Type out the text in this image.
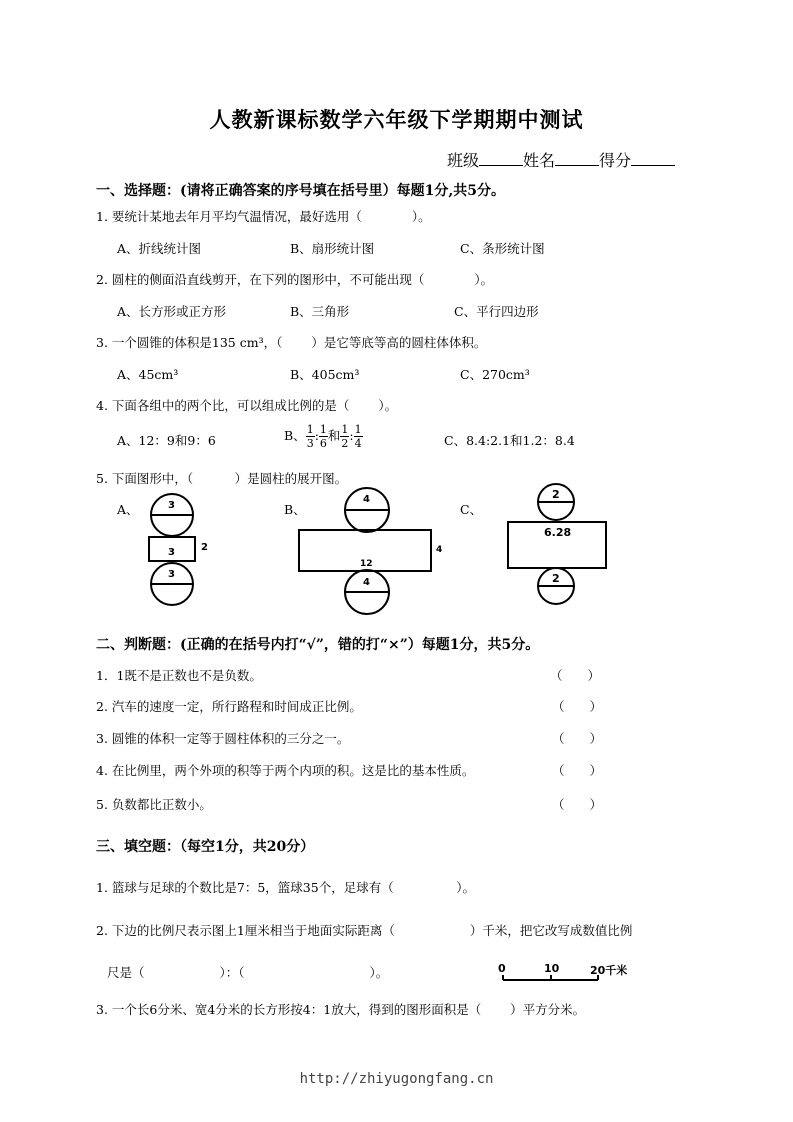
人教新课标数学六年级下学期期中测试
班级	姓名	得分
一、选择题：(请将正确答案的序号填在括号里）每题1分,共5分。
1. 要统计某地去年月平均气温情况，最好选用（　　　　）。
A、折线统计图	B、扇形统计图	C、条形统计图
2. 圆柱的侧面沿直线剪开，在下列的图形中，不可能出现（　　　　）。
A、长方形或正方形	B、三角形	C、平行四边形
3. 一个圆锥的体积是135 cm³，（　　 ）是它等底等高的圆柱体体积。
A、45cm³	B、405cm³	C、270cm³
4. 下面各组中的两个比，可以组成比例的是（　　 ）。
A、12：9和9：6	B、 $\frac{1}{3}$ : $\frac{1}{6}$ 和 $\frac{1}{2}$ : $\frac{1}{4}$	C、8.4:2.1和1.2：8.4
5. 下面图形中，（　　　 ）是圆柱的展开图。
A、	B、	C、
3
3	2
3
4
12
4
4
2
6.28
2
二、判断题：(正确的在括号内打“√”，错的打“×”）每题1分，共5分。
1．1既不是正数也不是负数。	（　　）
2. 汽车的速度一定，所行路程和时间成正比例。	（　　）
3. 圆锥的体积一定等于圆柱体积的三分之一。	（　　）
4. 在比例里，两个外项的积等于两个内项的积。这是比的基本性质。	（　　）
5. 负数都比正数小。	（　　）
三、填空题：（每空1分，共20分）
1. 篮球与足球的个数比是7：5，篮球35个，足球有（　　　　　）。
2. 下边的比例尺表示图上1厘米相当于地面实际距离（　　　　　　）千米，把它改写成数值比例
尺是（　　　　　　）：（　　　　　　　　　　）。	0	10	20千米
3. 一个长6分米、宽4分米的长方形按4：1放大，得到的图形面积是（　　 ）平方分米。
http://zhiyugongfang.cn
